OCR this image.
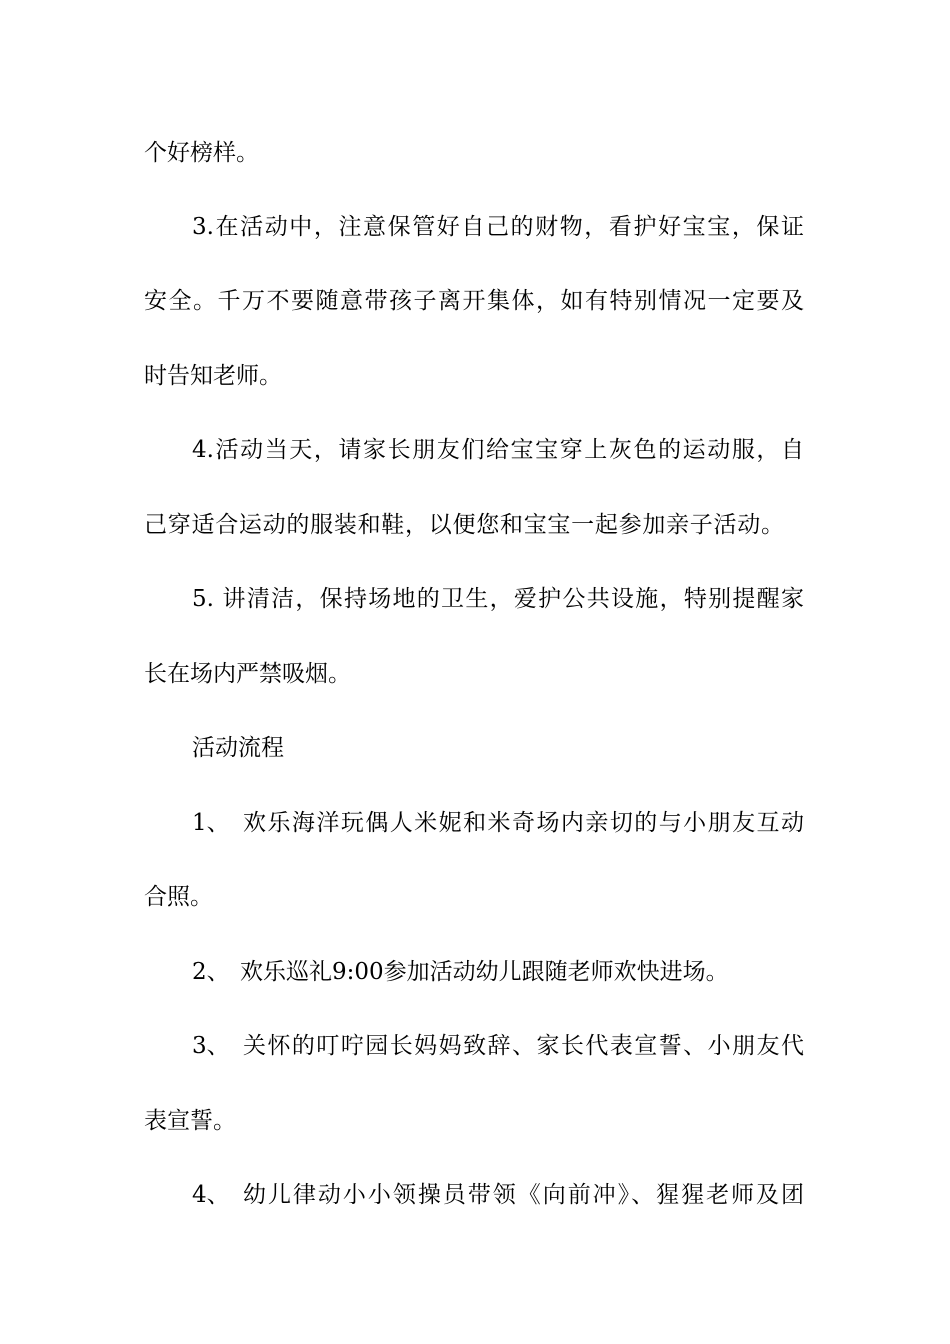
个好榜样。
3.在活动中，注意保管好自己的财物，看护好宝宝，保证
安全。千万不要随意带孩子离开集体，如有特别情况一定要及
时告知老师。
4.活动当天，请家长朋友们给宝宝穿上灰色的运动服，自
己穿适合运动的服装和鞋，以便您和宝宝一起参加亲子活动。
5. 讲清洁，保持场地的卫生，爱护公共设施，特别提醒家
长在场内严禁吸烟。
活动流程
1、 欢乐海洋玩偶人米妮和米奇场内亲切的与小朋友互动
合照。
2、 欢乐巡礼9:00参加活动幼儿跟随老师欢快进场。
3、 关怀的叮咛园长妈妈致辞、家长代表宣誓、小朋友代
表宣誓。
4、 幼儿律动小小领操员带领《向前冲》、猩猩老师及团
